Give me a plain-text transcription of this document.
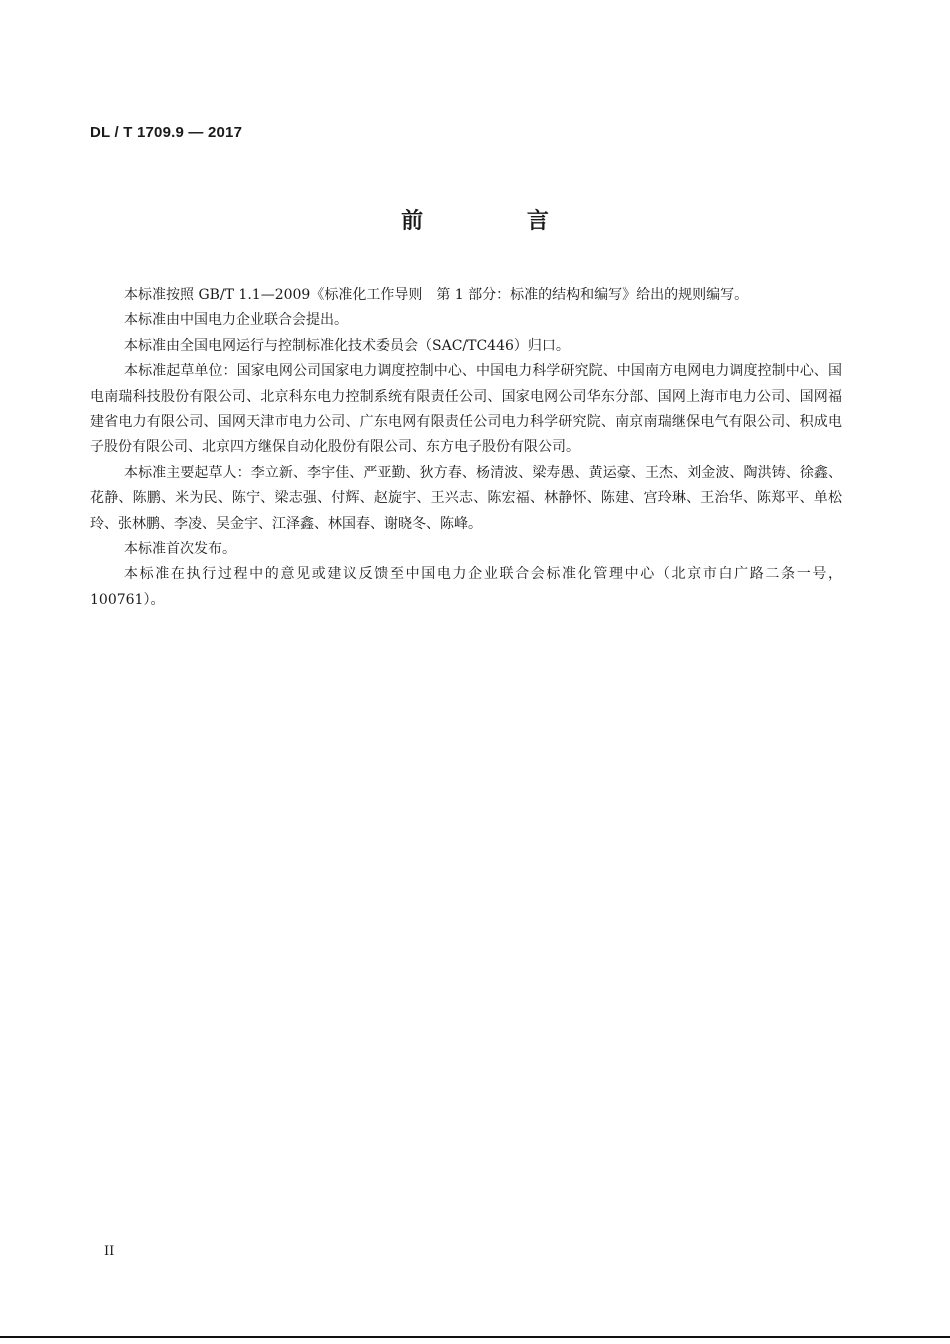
DL / T 1709.9 — 2017
前 言

本标准按照 GB/T 1.1—2009《标准化工作导则　第 1 部分：标准的结构和编写》给出的规则编写。

本标准由中国电力企业联合会提出。

本标准由全国电网运行与控制标准化技术委员会（SAC/TC446）归口。

本标准起草单位：国家电网公司国家电力调度控制中心、中国电力科学研究院、中国南方电网电力调度控制中心、国电南瑞科技股份有限公司、北京科东电力控制系统有限责任公司、国家电网公司华东分部、国网上海市电力公司、国网福建省电力有限公司、国网天津市电力公司、广东电网有限责任公司电力科学研究院、南京南瑞继保电气有限公司、积成电子股份有限公司、北京四方继保自动化股份有限公司、东方电子股份有限公司。

本标准主要起草人：李立新、李宇佳、严亚勤、狄方春、杨清波、梁寿愚、黄运豪、王杰、刘金波、陶洪铸、徐鑫、花静、陈鹏、米为民、陈宁、梁志强、付辉、赵旋宇、王兴志、陈宏福、林静怀、陈建、宫玲琳、王治华、陈郑平、单松玲、张林鹏、李凌、吴金宇、江泽鑫、林国春、谢晓冬、陈峰。

本标准首次发布。

本标准在执行过程中的意见或建议反馈至中国电力企业联合会标准化管理中心（北京市白广路二条一号，100761）。

II
